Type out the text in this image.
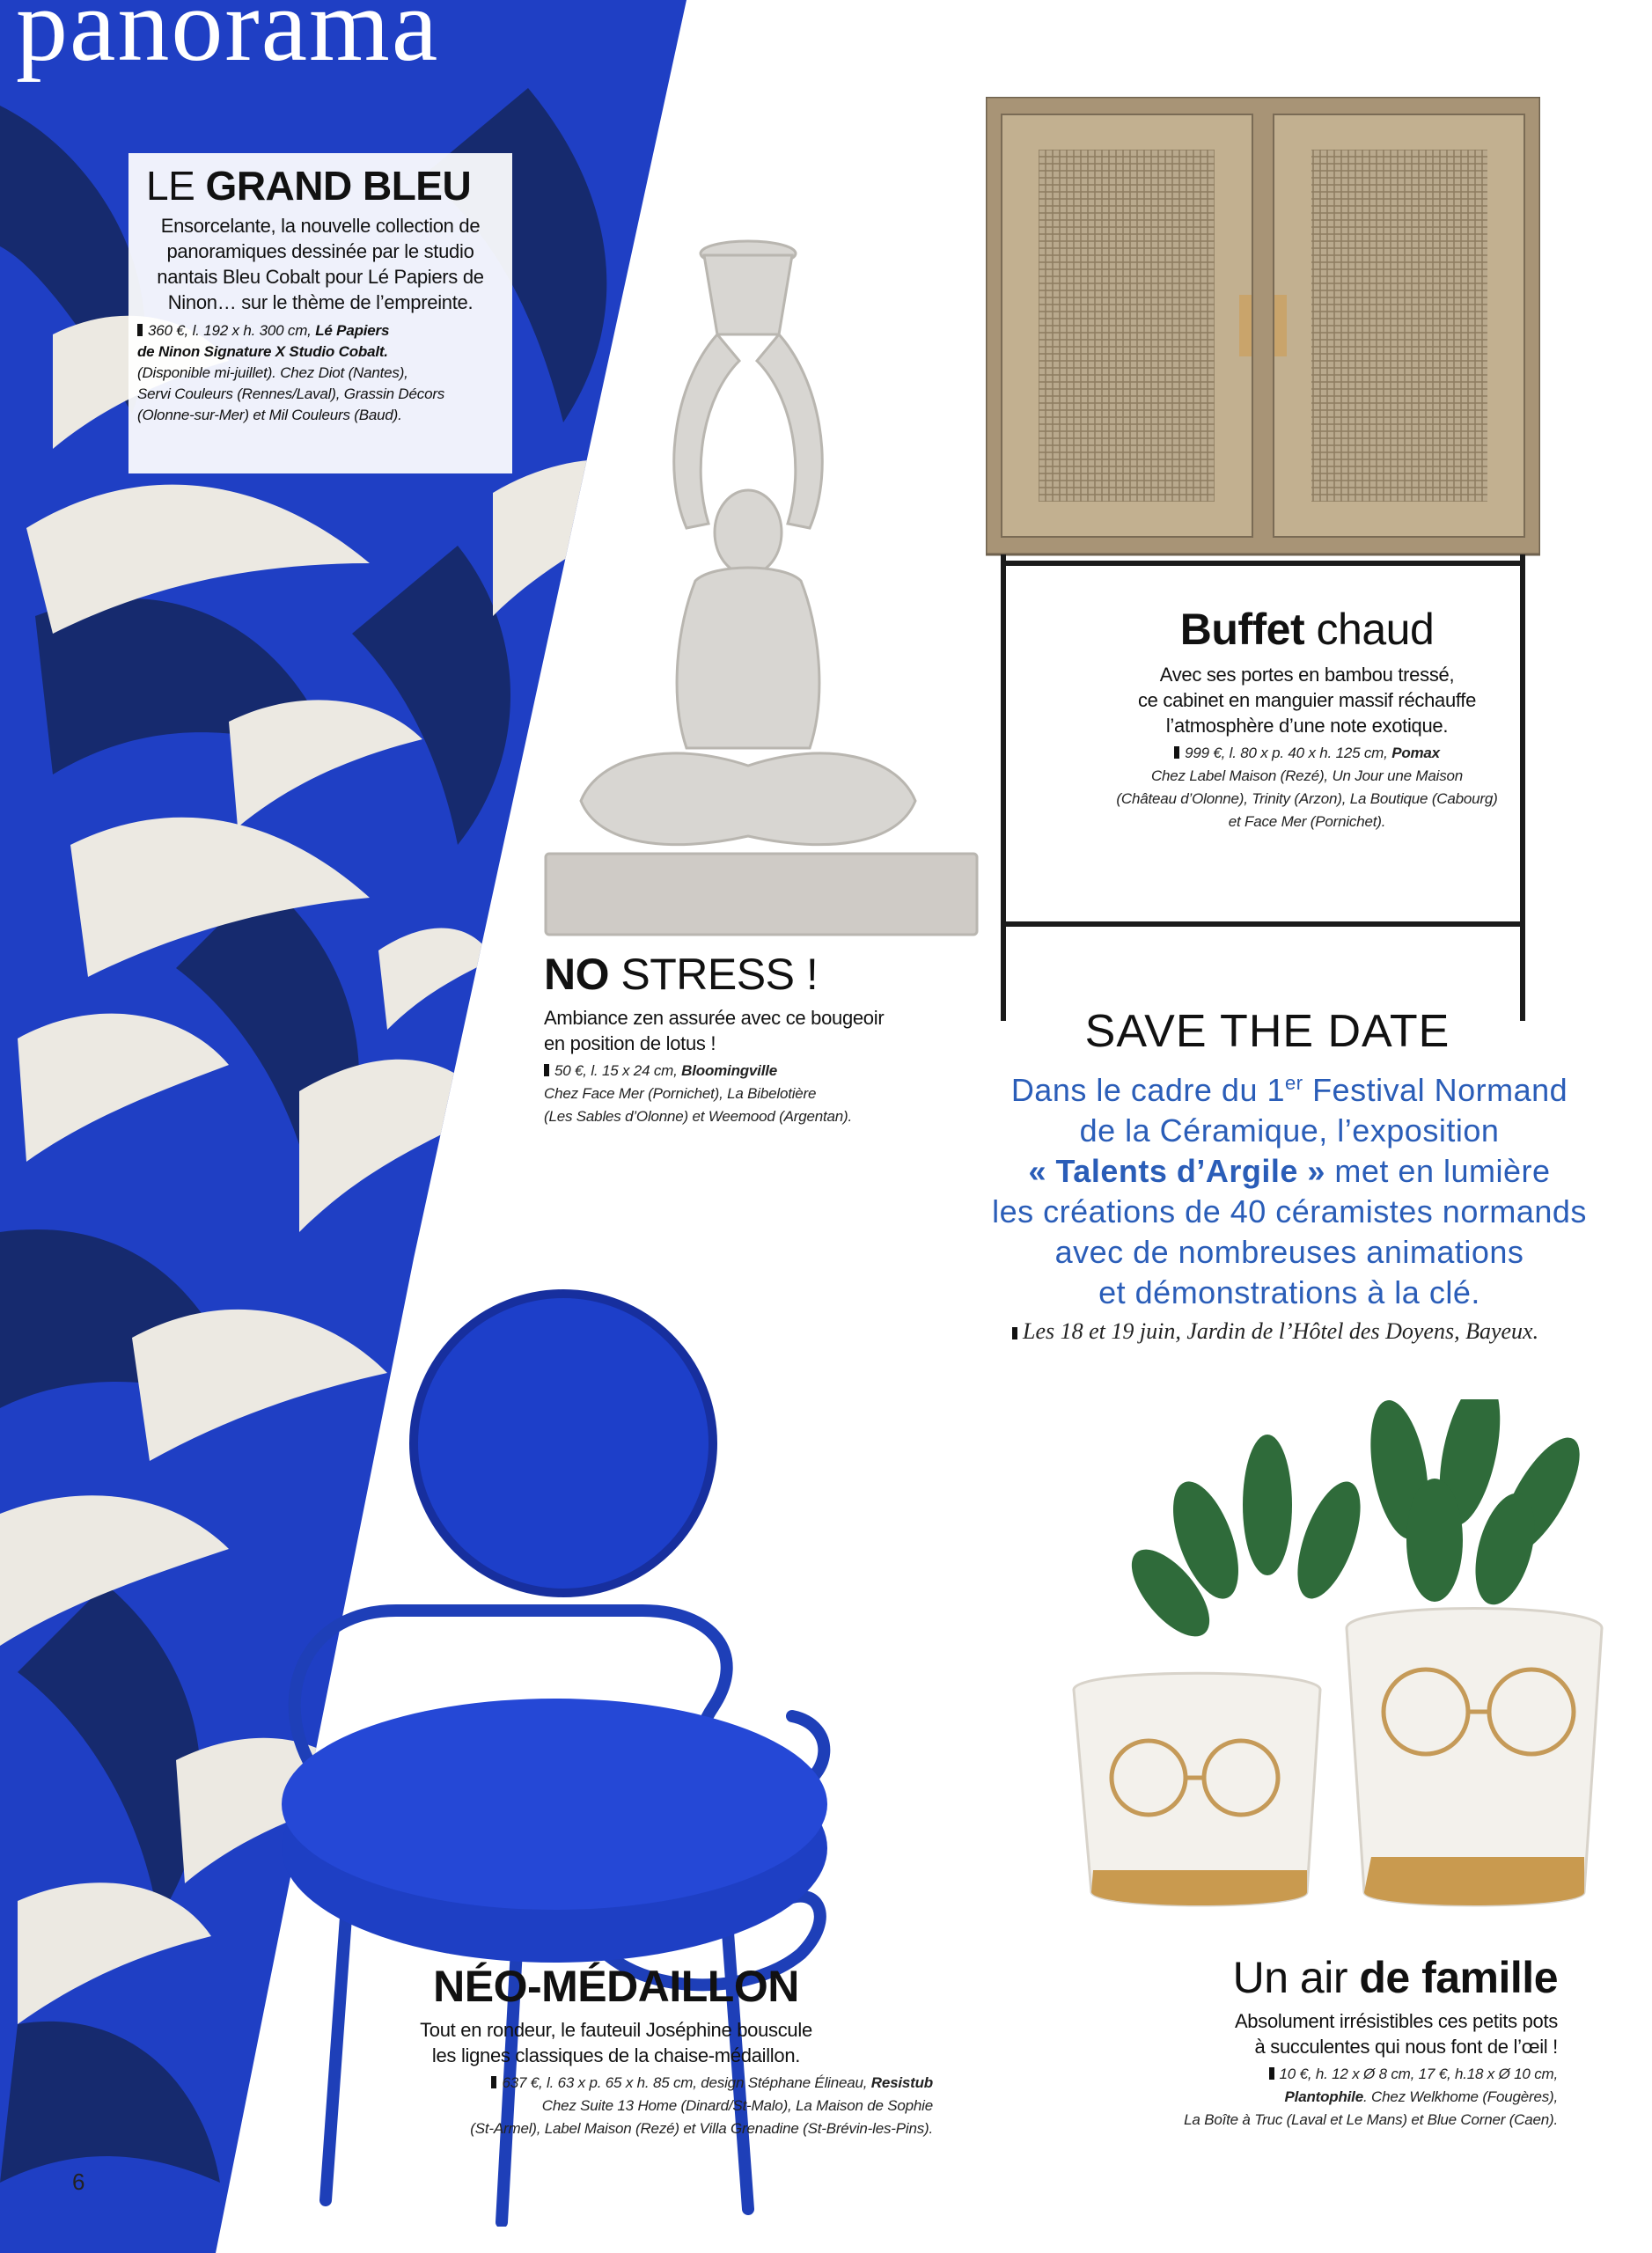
panorama
LE GRAND BLEU
Ensorcelante, la nouvelle collection de
panoramiques dessinée par le studio
nantais Bleu Cobalt pour Lé Papiers de
Ninon… sur le thème de l’empreinte.
360 €, l. 192 x h. 300 cm, Lé Papiers
de Ninon Signature X Studio Cobalt.
(Disponible mi-juillet). Chez Diot (Nantes),
Servi Couleurs (Rennes/Laval), Grassin Décors
(Olonne-sur-Mer) et Mil Couleurs (Baud).
Buffet chaud
Avec ses portes en bambou tressé,
ce cabinet en manguier massif réchauffe
l’atmosphère d’une note exotique.
999 €, l. 80 x p. 40 x h. 125 cm, Pomax
Chez Label Maison (Rezé), Un Jour une Maison
(Château d’Olonne), Trinity (Arzon), La Boutique (Cabourg)
et Face Mer (Pornichet).
NO STRESS !
Ambiance zen assurée avec ce bougeoir
en position de lotus !
50 €, l. 15 x 24 cm, Bloomingville
Chez Face Mer (Pornichet), La Bibelotière
(Les Sables d’Olonne) et Weemood (Argentan).
SAVE THE DATE
Dans le cadre du 1er Festival Normand
de la Céramique, l’exposition
« Talents d’Argile » met en lumière
les créations de 40 céramistes normands
avec de nombreuses animations
et démonstrations à la clé.
Les 18 et 19 juin, Jardin de l’Hôtel des Doyens, Bayeux.
NÉO-MÉDAILLON
Tout en rondeur, le fauteuil Joséphine bouscule
les lignes classiques de la chaise-médaillon.
637 €, l. 63 x p. 65 x h. 85 cm, design Stéphane Élineau, Resistub
Chez Suite 13 Home (Dinard/St-Malo), La Maison de Sophie
(St-Armel), Label Maison (Rezé) et Villa Grenadine (St-Brévin-les-Pins).
Un air de famille
Absolument irrésistibles ces petits pots
à succulentes qui nous font de l’œil !
10 €, h. 12 x Ø 8 cm, 17 €, h.18 x Ø 10 cm,
Plantophile. Chez Welkhome (Fougères),
La Boîte à Truc (Laval et Le Mans) et Blue Corner (Caen).
6
